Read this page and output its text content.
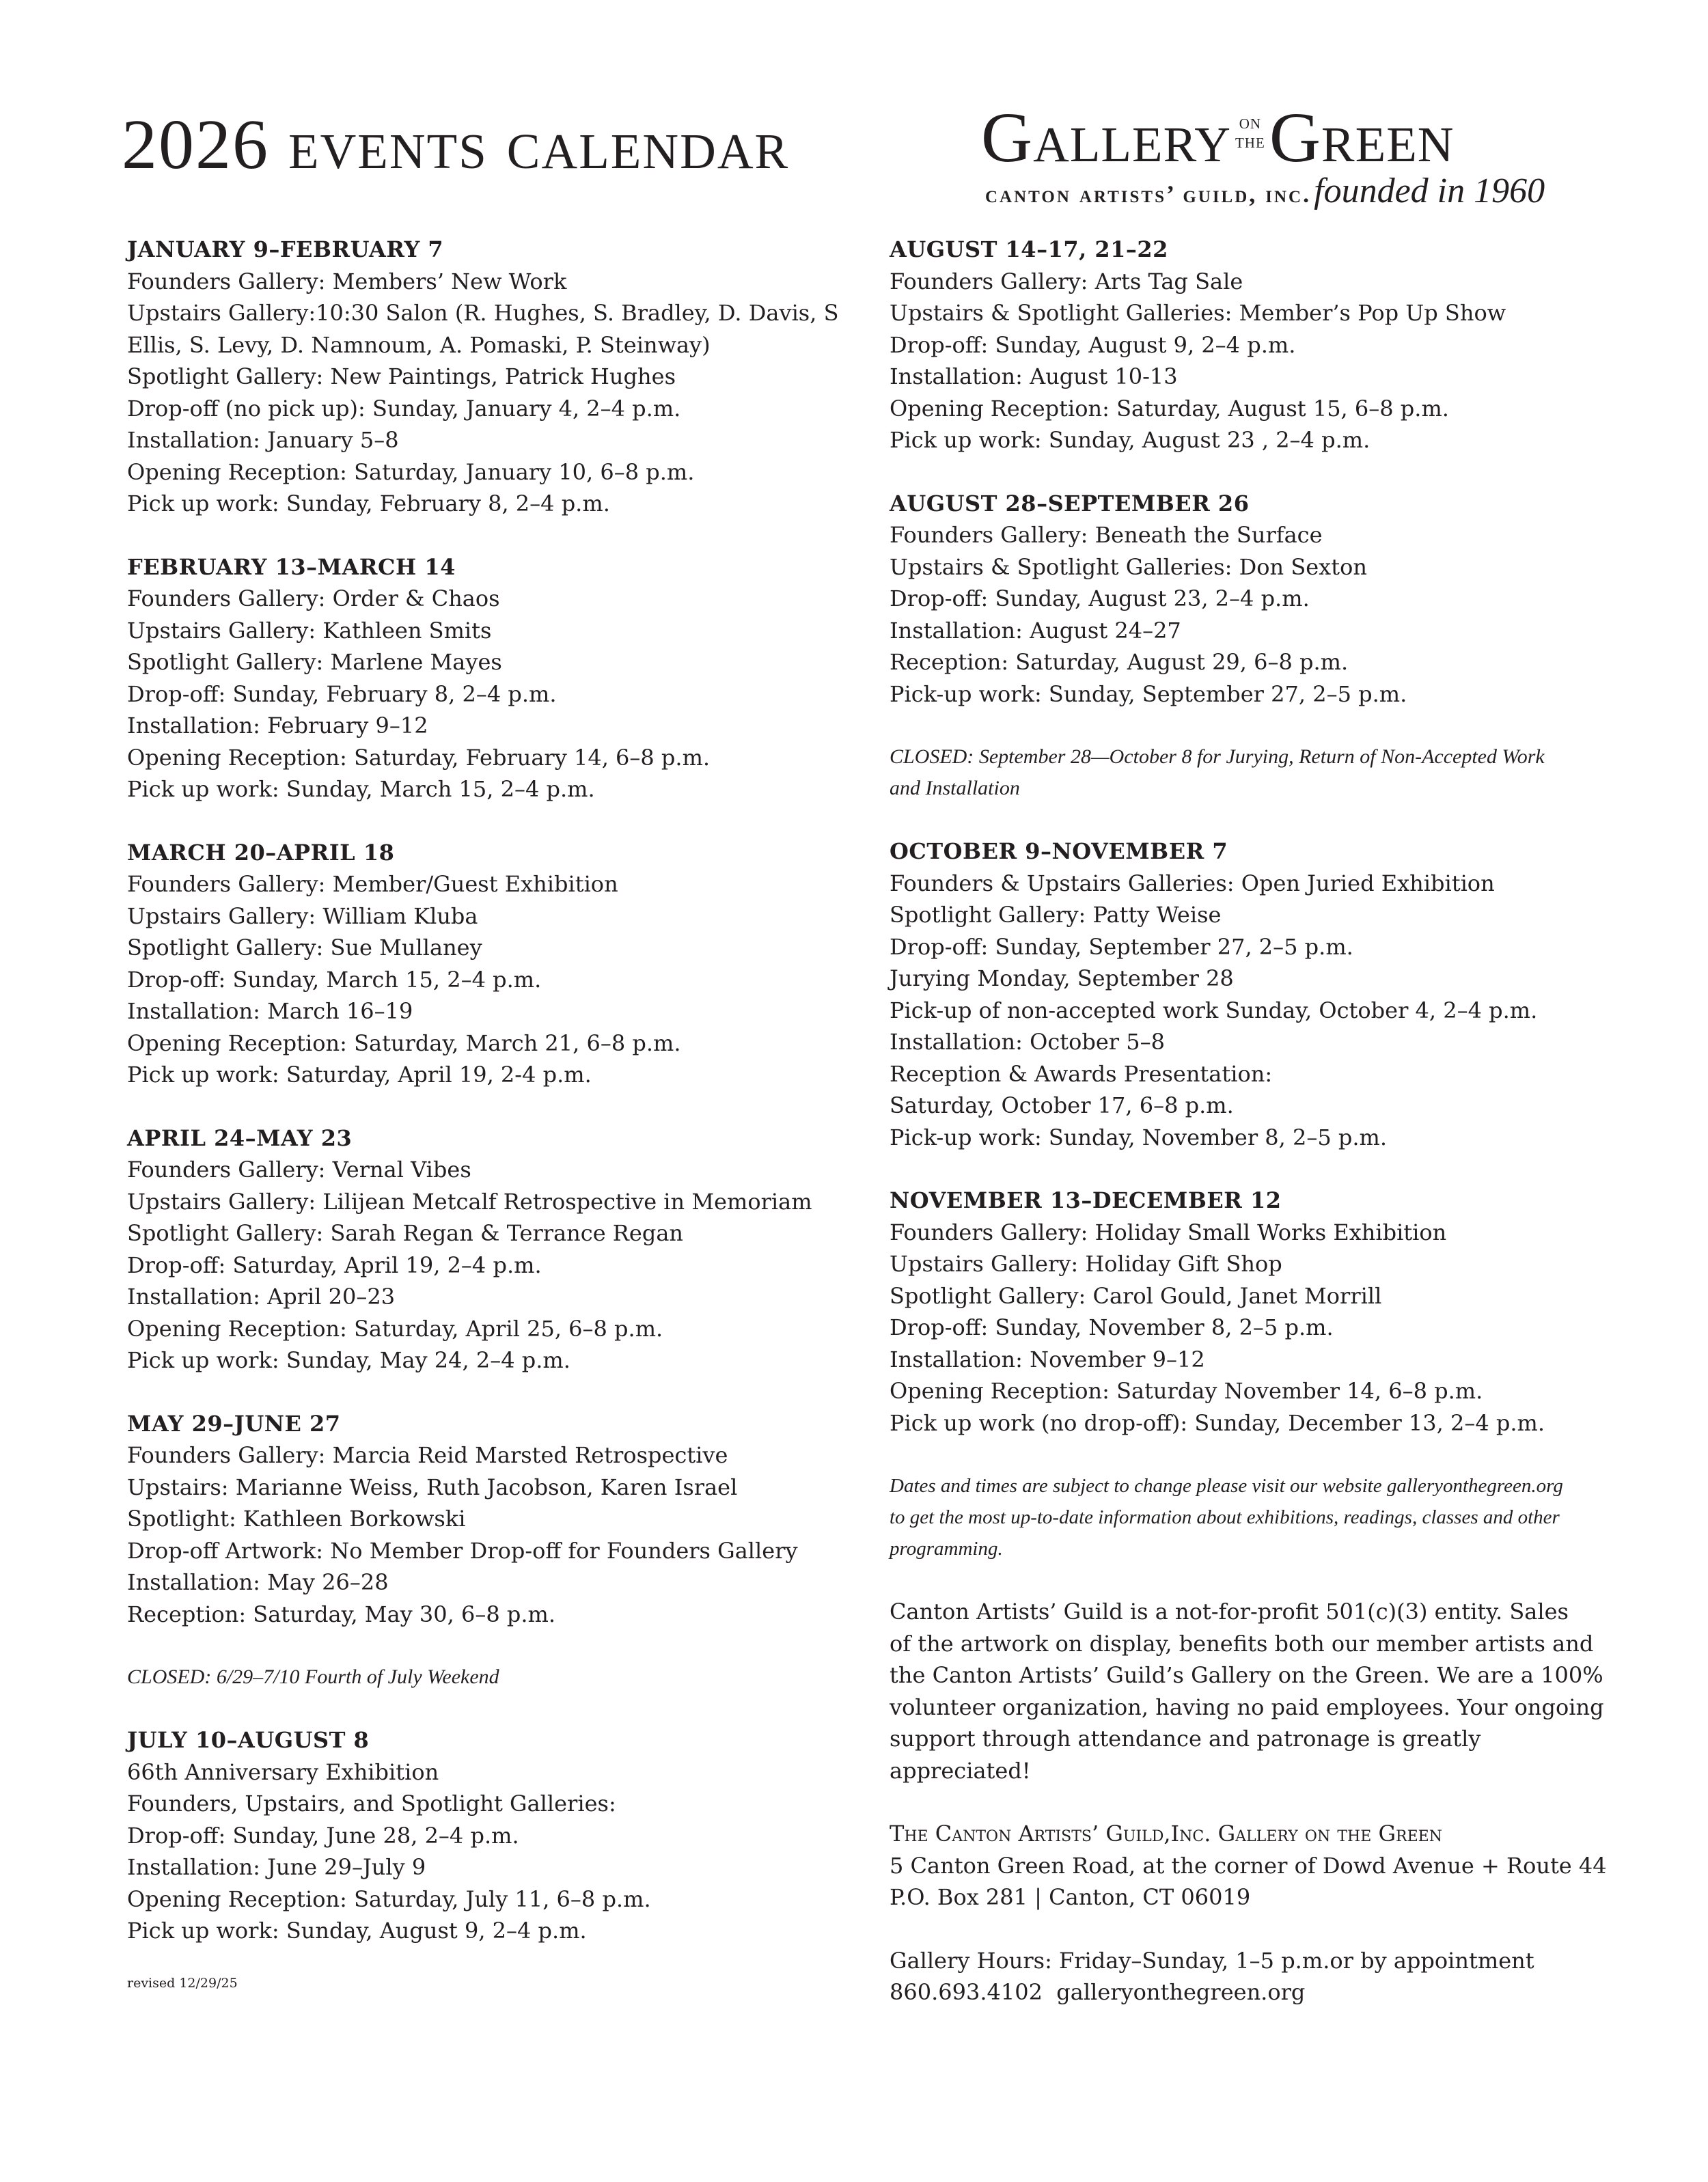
2026 events calendar	Gallery on
the Green
canton artists’ guild, inc. founded in 1960
JANUARY 9–FEBRUARY 7
Founders Gallery: Members’ New Work
Upstairs Gallery:10:30 Salon (R. Hughes, S. Bradley, D. Davis, S
Ellis, S. Levy, D. Namnoum, A. Pomaski, P. Steinway)
Spotlight Gallery: New Paintings, Patrick Hughes
Drop-off (no pick up): Sunday, January 4, 2–4 p.m.
Installation: January 5–8
Opening Reception: Saturday, January 10, 6–8 p.m.
Pick up work: Sunday, February 8, 2–4 p.m.
FEBRUARY 13–MARCH 14
Founders Gallery: Order & Chaos
Upstairs Gallery: Kathleen Smits
Spotlight Gallery: Marlene Mayes
Drop-off: Sunday, February 8, 2–4 p.m.
Installation: February 9–12
Opening Reception: Saturday, February 14, 6–8 p.m.
Pick up work: Sunday, March 15, 2–4 p.m.
MARCH 20–APRIL 18
Founders Gallery: Member/Guest Exhibition
Upstairs Gallery: William Kluba
Spotlight Gallery: Sue Mullaney
Drop-off: Sunday, March 15, 2–4 p.m.
Installation: March 16–19
Opening Reception: Saturday, March 21, 6–8 p.m.
Pick up work: Saturday, April 19, 2-4 p.m.
APRIL 24–MAY 23
Founders Gallery: Vernal Vibes
Upstairs Gallery: Lilijean Metcalf Retrospective in Memoriam
Spotlight Gallery: Sarah Regan & Terrance Regan
Drop-off: Saturday, April 19, 2–4 p.m.
Installation: April 20–23
Opening Reception: Saturday, April 25, 6–8 p.m.
Pick up work: Sunday, May 24, 2–4 p.m.
MAY 29–JUNE 27
Founders Gallery: Marcia Reid Marsted Retrospective
Upstairs: Marianne Weiss, Ruth Jacobson, Karen Israel
Spotlight: Kathleen Borkowski
Drop-off Artwork: No Member Drop-off for Founders Gallery
Installation: May 26–28
Reception: Saturday, May 30, 6–8 p.m.
CLOSED: 6/29–7/10 Fourth of July Weekend
JULY 10–AUGUST 8
66th Anniversary Exhibition
Founders, Upstairs, and Spotlight Galleries:
Drop-off: Sunday, June 28, 2–4 p.m.
Installation: June 29–July 9
Opening Reception: Saturday, July 11, 6–8 p.m.
Pick up work: Sunday, August 9, 2–4 p.m.
revised 12/29/25
AUGUST 14–17, 21–22
Founders Gallery: Arts Tag Sale
Upstairs & Spotlight Galleries: Member’s Pop Up Show
Drop-off: Sunday, August 9, 2–4 p.m.
Installation: August 10-13
Opening Reception: Saturday, August 15, 6–8 p.m.
Pick up work: Sunday, August 23 , 2–4 p.m.
AUGUST 28–SEPTEMBER 26
Founders Gallery: Beneath the Surface
Upstairs & Spotlight Galleries: Don Sexton
Drop-off: Sunday, August 23, 2–4 p.m.
Installation: August 24–27
Reception: Saturday, August 29, 6–8 p.m.
Pick-up work: Sunday, September 27, 2–5 p.m.
CLOSED: September 28—October 8 for Jurying, Return of Non-Accepted Work
and Installation
OCTOBER 9–NOVEMBER 7
Founders & Upstairs Galleries: Open Juried Exhibition
Spotlight Gallery: Patty Weise
Drop-off: Sunday, September 27, 2–5 p.m.
Jurying Monday, September 28
Pick-up of non-accepted work Sunday, October 4, 2–4 p.m.
Installation: October 5–8
Reception & Awards Presentation:
Saturday, October 17, 6–8 p.m.
Pick-up work: Sunday, November 8, 2–5 p.m.
NOVEMBER 13–DECEMBER 12
Founders Gallery: Holiday Small Works Exhibition
Upstairs Gallery: Holiday Gift Shop
Spotlight Gallery: Carol Gould, Janet Morrill
Drop-off: Sunday, November 8, 2–5 p.m.
Installation: November 9–12
Opening Reception: Saturday November 14, 6–8 p.m.
Pick up work (no drop-off): Sunday, December 13, 2–4 p.m.
Dates and times are subject to change please visit our website galleryonthegreen.org
to get the most up-to-date information about exhibitions, readings, classes and other
programming.
Canton Artists’ Guild is a not-for-profit 501(c)(3) entity. Sales
of the artwork on display, benefits both our member artists and
the Canton Artists’ Guild’s Gallery on the Green. We are a 100%
volunteer organization, having no paid employees. Your ongoing
support through attendance and patronage is greatly appreciated!
The Canton Artists’ Guild,Inc. Gallery on the Green
5 Canton Green Road, at the corner of Dowd Avenue + Route 44
P.O. Box 281 | Canton, CT 06019
Gallery Hours: Friday–Sunday, 1–5 p.m.or by appointment
860.693.4102  galleryonthegreen.org
